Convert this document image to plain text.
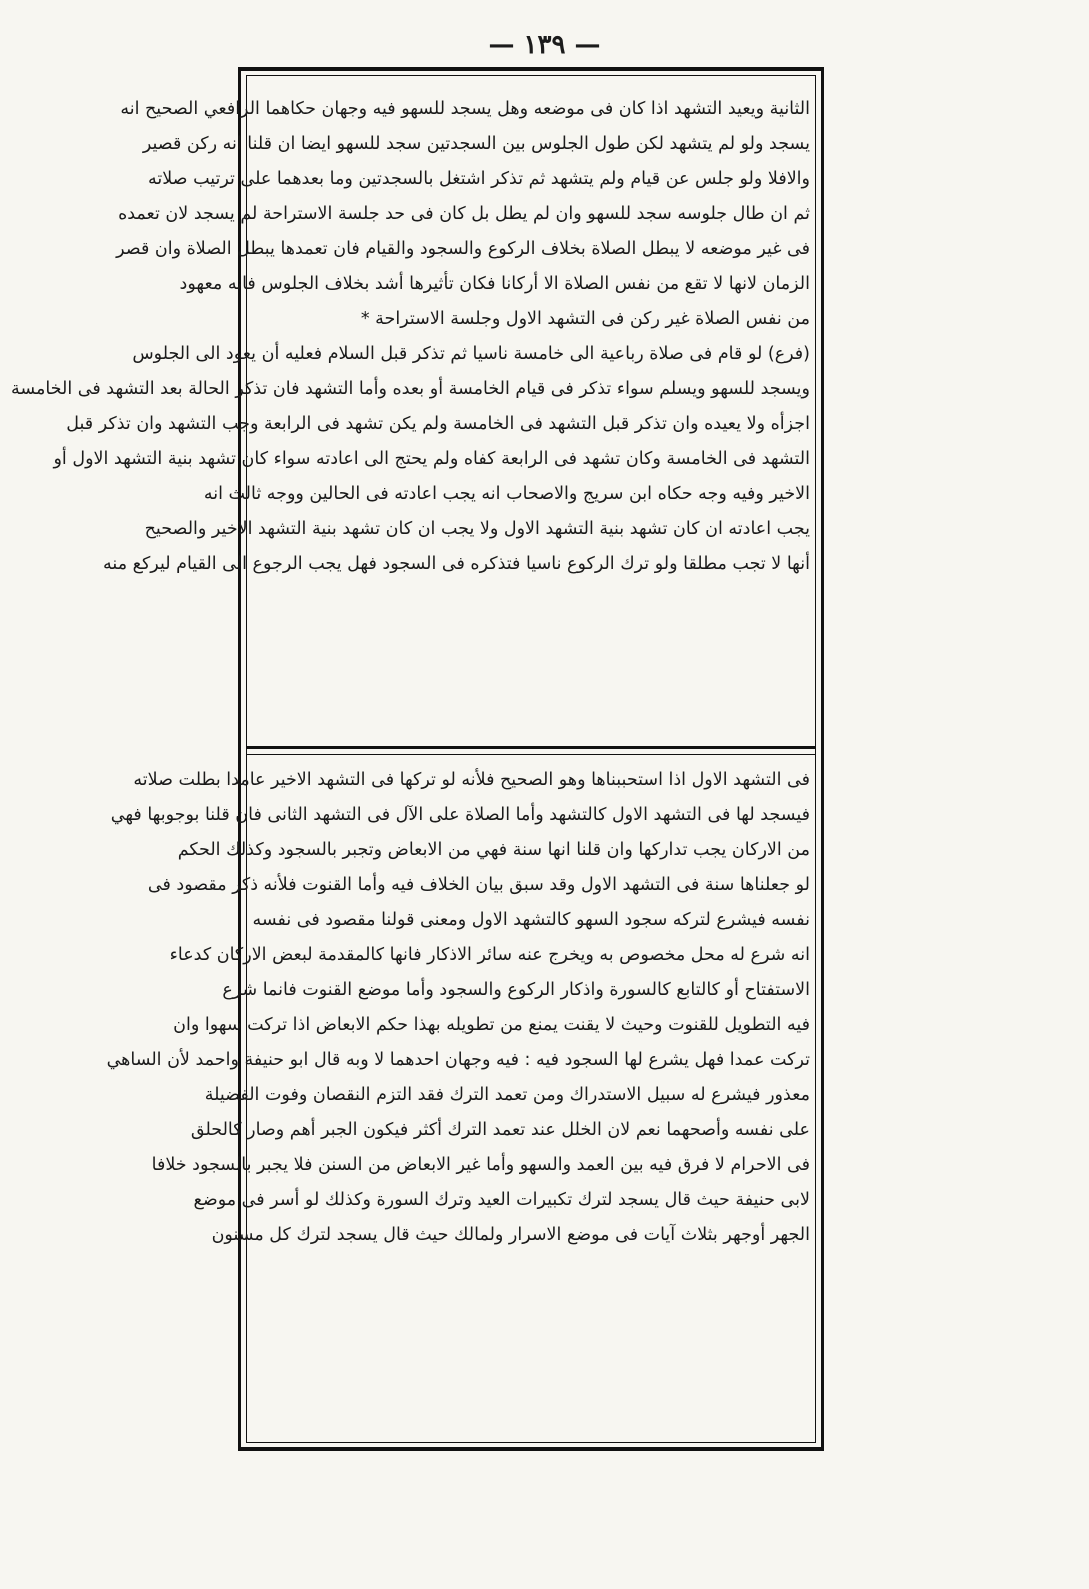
— ١٣٩ —
الثانية ويعيد التشهد اذا كان فى موضعه وهل يسجد للسهو فيه وجهان حكاهما الرافعي الصحيح انه
يسجد ولو لم يتشهد لكن طول الجلوس بين السجدتين سجد للسهو ايضا ان قلنا انه ركن قصير
والافلا ولو جلس عن قيام ولم يتشهد ثم تذكر اشتغل بالسجدتين وما بعدهما على ترتيب صلاته
ثم ان طال جلوسه سجد للسهو وان لم يطل بل كان فى حد جلسة الاستراحة لم يسجد لان تعمده
فى غير موضعه لا يبطل الصلاة بخلاف الركوع والسجود والقيام فان تعمدها يبطل الصلاة وان قصر
الزمان لانها لا تقع من نفس الصلاة الا أركانا فكان تأثيرها أشد بخلاف الجلوس فانه معهود
من نفس الصلاة غير ركن فى التشهد الاول وجلسة الاستراحة *
(فرع) لو قام فى صلاة رباعية الى خامسة ناسيا ثم تذكر قبل السلام فعليه أن يعود الى الجلوس
ويسجد للسهو ويسلم سواء تذكر فى قيام الخامسة أو بعده وأما التشهد فان تذكر الحالة بعد التشهد فى الخامسة
اجزأه ولا يعيده وان تذكر قبل التشهد فى الخامسة ولم يكن تشهد فى الرابعة وجب التشهد وان تذكر قبل
التشهد فى الخامسة وكان تشهد فى الرابعة كفاه ولم يحتج الى اعادته سواء كان تشهد بنية التشهد الاول أو
الاخير وفيه وجه حكاه ابن سريج والاصحاب انه يجب اعادته فى الحالين ووجه ثالث انه
يجب اعادته ان كان تشهد بنية التشهد الاول ولا يجب ان كان تشهد بنية التشهد الاخير والصحيح
أنها لا تجب مطلقا ولو ترك الركوع ناسيا فتذكره فى السجود فهل يجب الرجوع الى القيام ليركع منه
فى التشهد الاول اذا استحببناها وهو الصحيح فلأنه لو تركها فى التشهد الاخير عامدا بطلت صلاته
فيسجد لها فى التشهد الاول كالتشهد وأما الصلاة على الآل فى التشهد الثانى فان قلنا بوجوبها فهي
من الاركان يجب تداركها وان قلنا انها سنة فهي من الابعاض وتجبر بالسجود وكذلك الحكم
لو جعلناها سنة فى التشهد الاول وقد سبق بيان الخلاف فيه وأما القنوت فلأنه ذكر مقصود فى
نفسه فيشرع لتركه سجود السهو كالتشهد الاول ومعنى قولنا مقصود فى نفسه
انه شرع له محل مخصوص به ويخرج عنه سائر الاذكار فانها كالمقدمة لبعض الاركان كدعاء
الاستفتاح أو كالتابع كالسورة واذكار الركوع والسجود وأما موضع القنوت فانما شرع
فيه التطويل للقنوت وحيث لا يقنت يمنع من تطويله بهذا حكم الابعاض اذا تركت سهوا وان
تركت عمدا فهل يشرع لها السجود فيه : فيه وجهان احدهما لا وبه قال ابو حنيفة واحمد لأن الساهي
معذور فيشرع له سبيل الاستدراك ومن تعمد الترك فقد التزم النقصان وفوت الفضيلة
على نفسه وأصحهما نعم لان الخلل عند تعمد الترك أكثر فيكون الجبر أهم وصار كالحلق
فى الاحرام لا فرق فيه بين العمد والسهو وأما غير الابعاض من السنن فلا يجبر بالسجود خلافا
لابى حنيفة حيث قال يسجد لترك تكبيرات العيد وترك السورة وكذلك لو أسر فى موضع
الجهر أوجهر بثلاث آيات فى موضع الاسرار ولمالك حيث قال يسجد لترك كل مسنون
